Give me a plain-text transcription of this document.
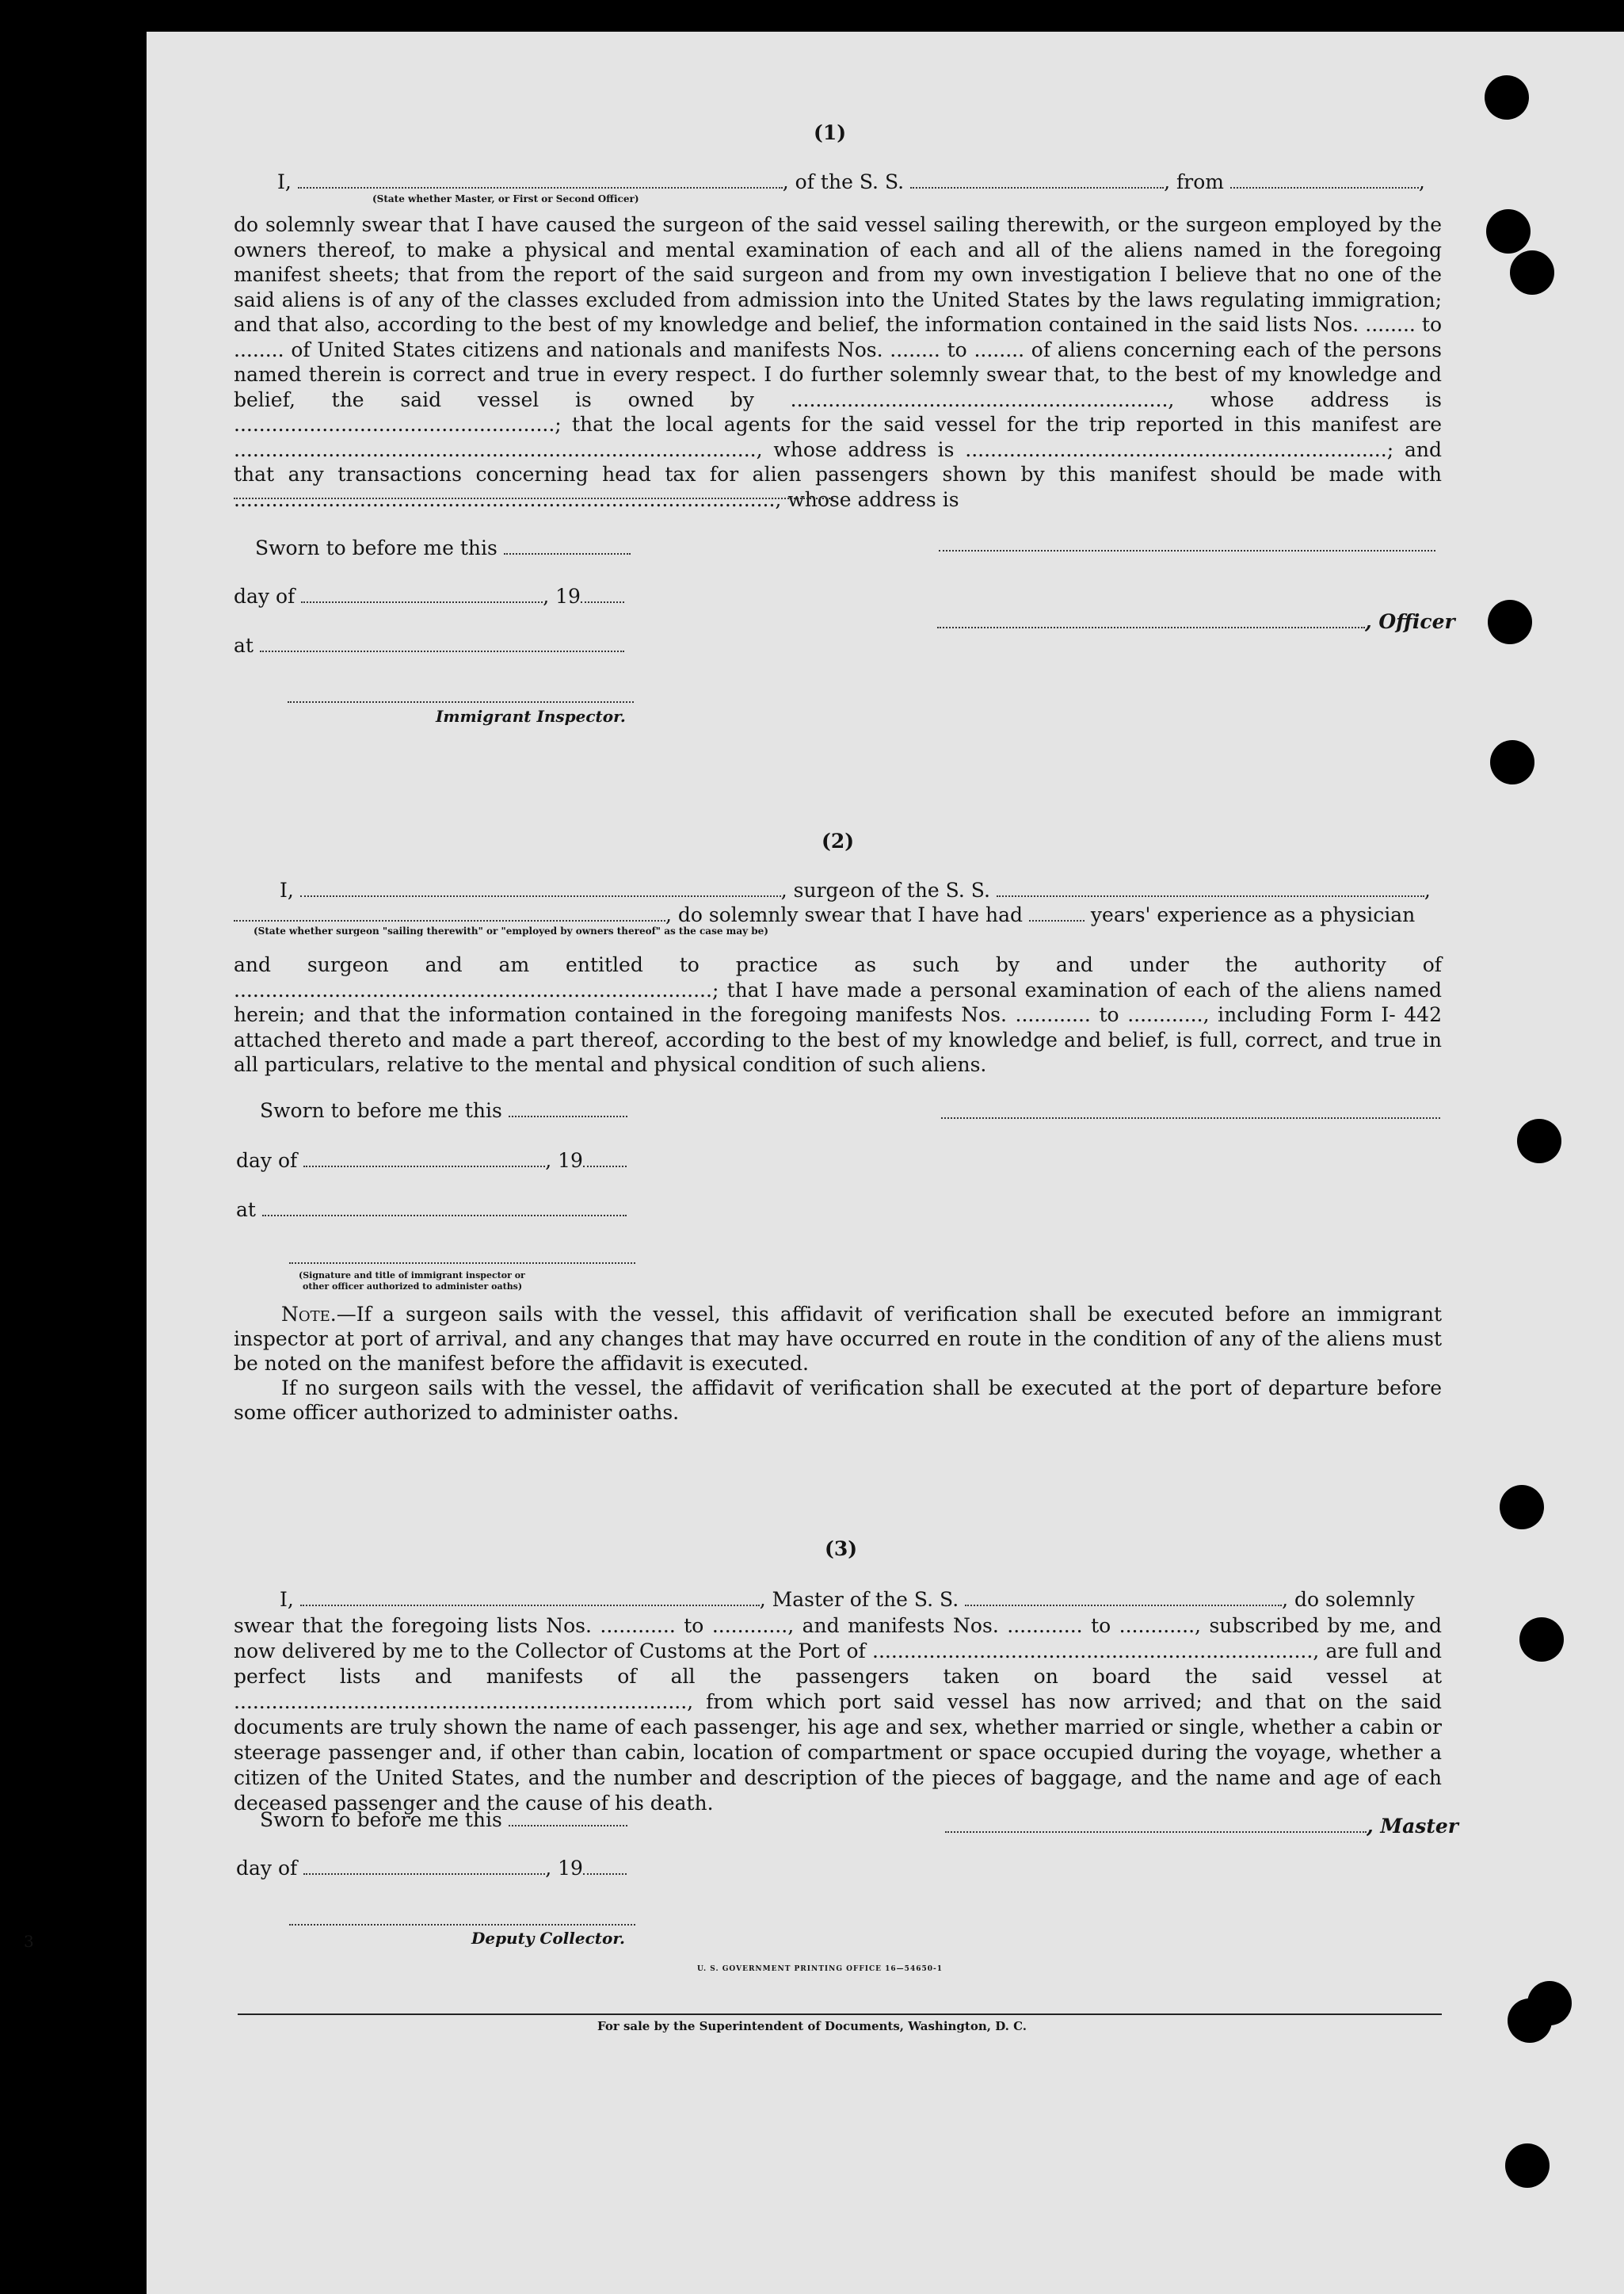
3
(1)
I,	, of the S. S.	, from	,
(State whether Master, or First or Second Officer)
do solemnly swear that I have caused the surgeon of the said vessel sailing therewith, or the surgeon employed by the owners thereof, to make a physical and mental examination of each and all of the aliens named in the foregoing manifest sheets; that from the report of the said surgeon and from my own investigation I believe that no one of the said aliens is of any of the classes excluded from admission into the United States by the laws regulating immigration; and that also, according to the best of my knowledge and belief, the information contained in the said lists Nos. ........ to ........ of United States citizens and nationals and manifests Nos. ........ to ........ of aliens concerning each of the persons named therein is correct and true in every respect. I do further solemnly swear that, to the best of my knowledge and belief, the said vessel is owned by ............................................................, whose address is ...................................................; that the local agents for the said vessel for the trip reported in this manifest are ..................................................................................., whose address is ...................................................................; and that any transactions concerning head tax for alien passengers shown by this manifest should be made with ......................................................................................, whose address is
Sworn to before me this
day of	, 19
, Officer
at
Immigrant Inspector.
(2)
I,	, surgeon of the S. S.	,
, do solemnly swear that I have had	years' experience as a physician
(State whether surgeon "sailing therewith" or "employed by owners thereof" as the case may be)
and surgeon and am entitled to practice as such by and under the authority of ............................................................................; that I have made a personal examination of each of the aliens named herein; and that the information contained in the foregoing manifests Nos. ............ to ............, including Form I- 442 attached thereto and made a part thereof, according to the best of my knowledge and belief, is full, correct, and true in all particulars, relative to the mental and physical condition of such aliens.
Sworn to before me this
day of	, 19
at
(Signature and title of immigrant inspector or
other officer authorized to administer oaths)

Note.—If a surgeon sails with the vessel, this affidavit of verification shall be executed before an immigrant inspector at port of arrival, and any changes that may have occurred en route in the condition of any of the aliens must be noted on the manifest before the affidavit is executed.

If no surgeon sails with the vessel, the affidavit of verification shall be executed at the port of departure before some officer authorized to administer oaths.

(3)
I,	, Master of the S. S.	, do solemnly
swear that the foregoing lists Nos. ............ to ............, and manifests Nos. ............ to ............, subscribed by me, and now delivered by me to the Collector of Customs at the Port of ......................................................................, are full and perfect lists and manifests of all the passengers taken on board the said vessel at ........................................................................, from which port said vessel has now arrived; and that on the said documents are truly shown the name of each passenger, his age and sex, whether married or single, whether a cabin or steerage passenger and, if other than cabin, location of compartment or space occupied during the voyage, whether a citizen of the United States, and the number and description of the pieces of baggage, and the name and age of each deceased passenger and the cause of his death.
Sworn to before me this	, Master
day of	, 19
Deputy Collector.
U. S. GOVERNMENT PRINTING OFFICE 16—54650-1
For sale by the Superintendent of Documents, Washington, D. C.
